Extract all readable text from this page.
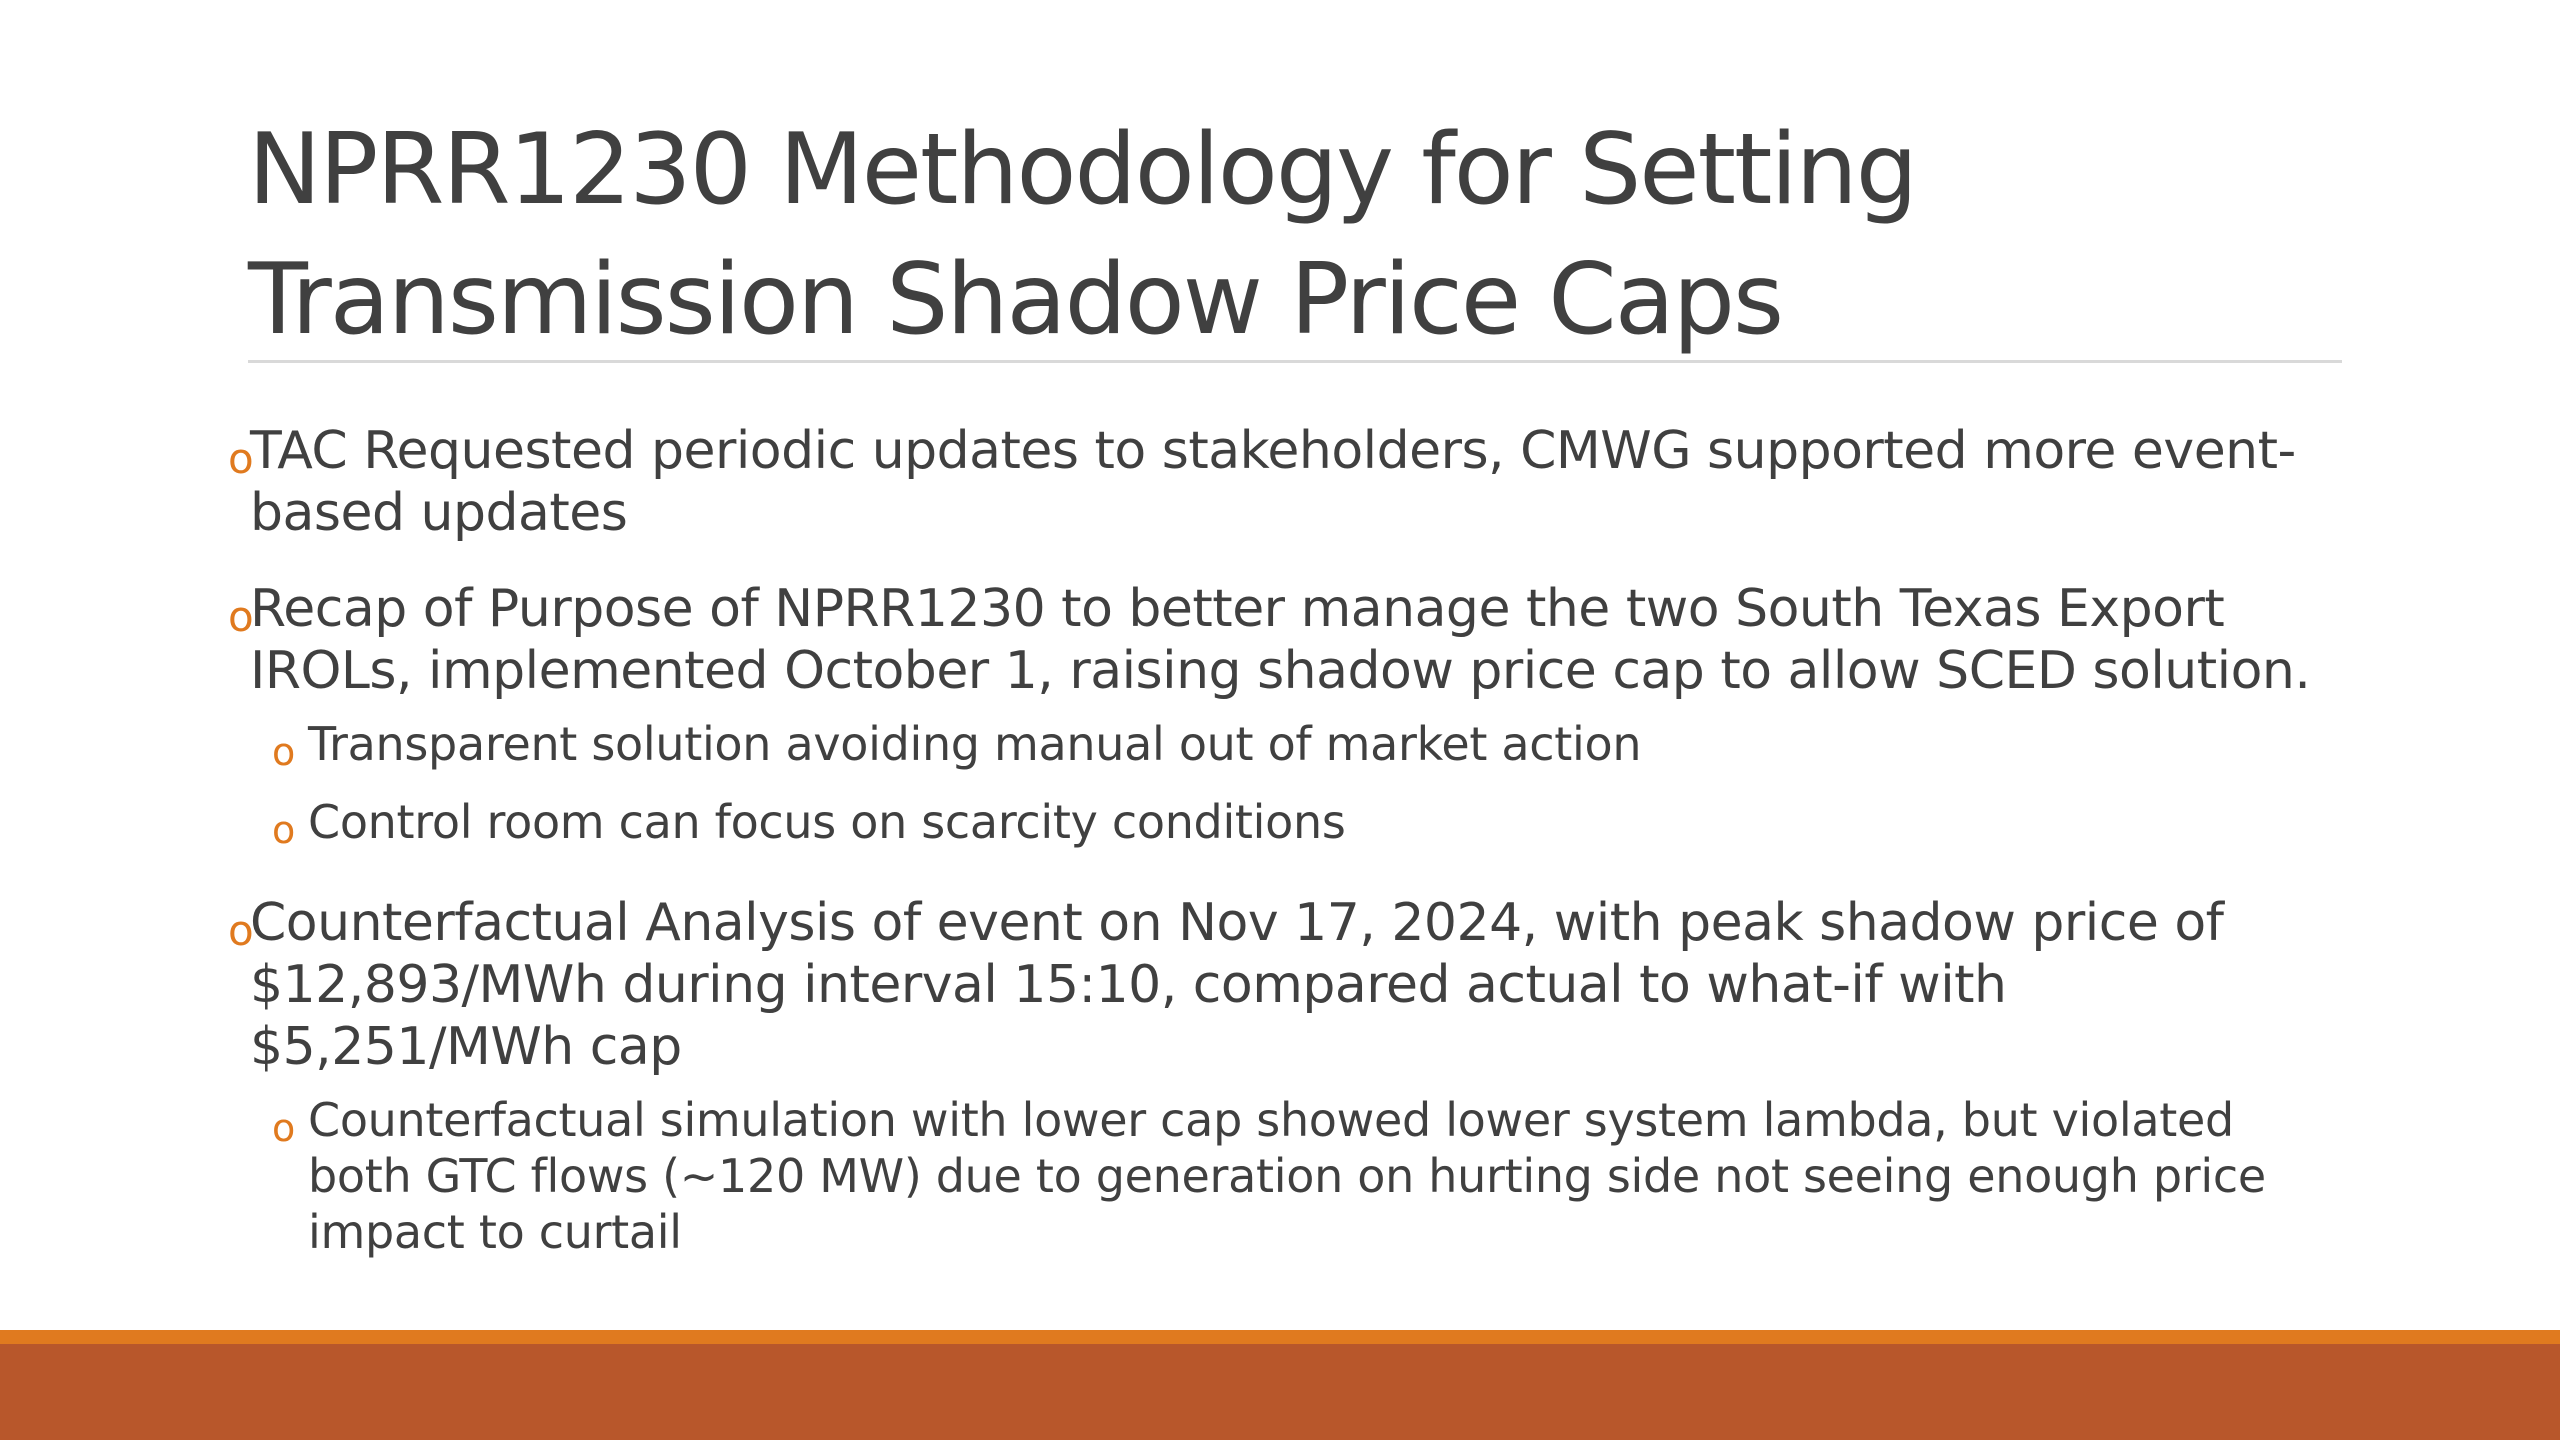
NPRR1230 Methodology for Setting Transmission Shadow Price Caps
o
TAC Requested periodic updates to stakeholders, CMWG supported more event-based updates
o
Recap of Purpose of NPRR1230 to better manage the two South Texas Export IROLs, implemented October 1, raising shadow price cap to allow SCED solution.
o Transparent solution avoiding manual out of market action
o Control room can focus on scarcity conditions
o
Counterfactual Analysis of event on Nov 17, 2024, with peak shadow price of $12,893/MWh during interval 15:10, compared actual to what-if with $5,251/MWh cap
o Counterfactual simulation with lower cap showed lower system lambda, but violated both GTC flows (~120 MW) due to generation on hurting side not seeing enough price impact to curtail
